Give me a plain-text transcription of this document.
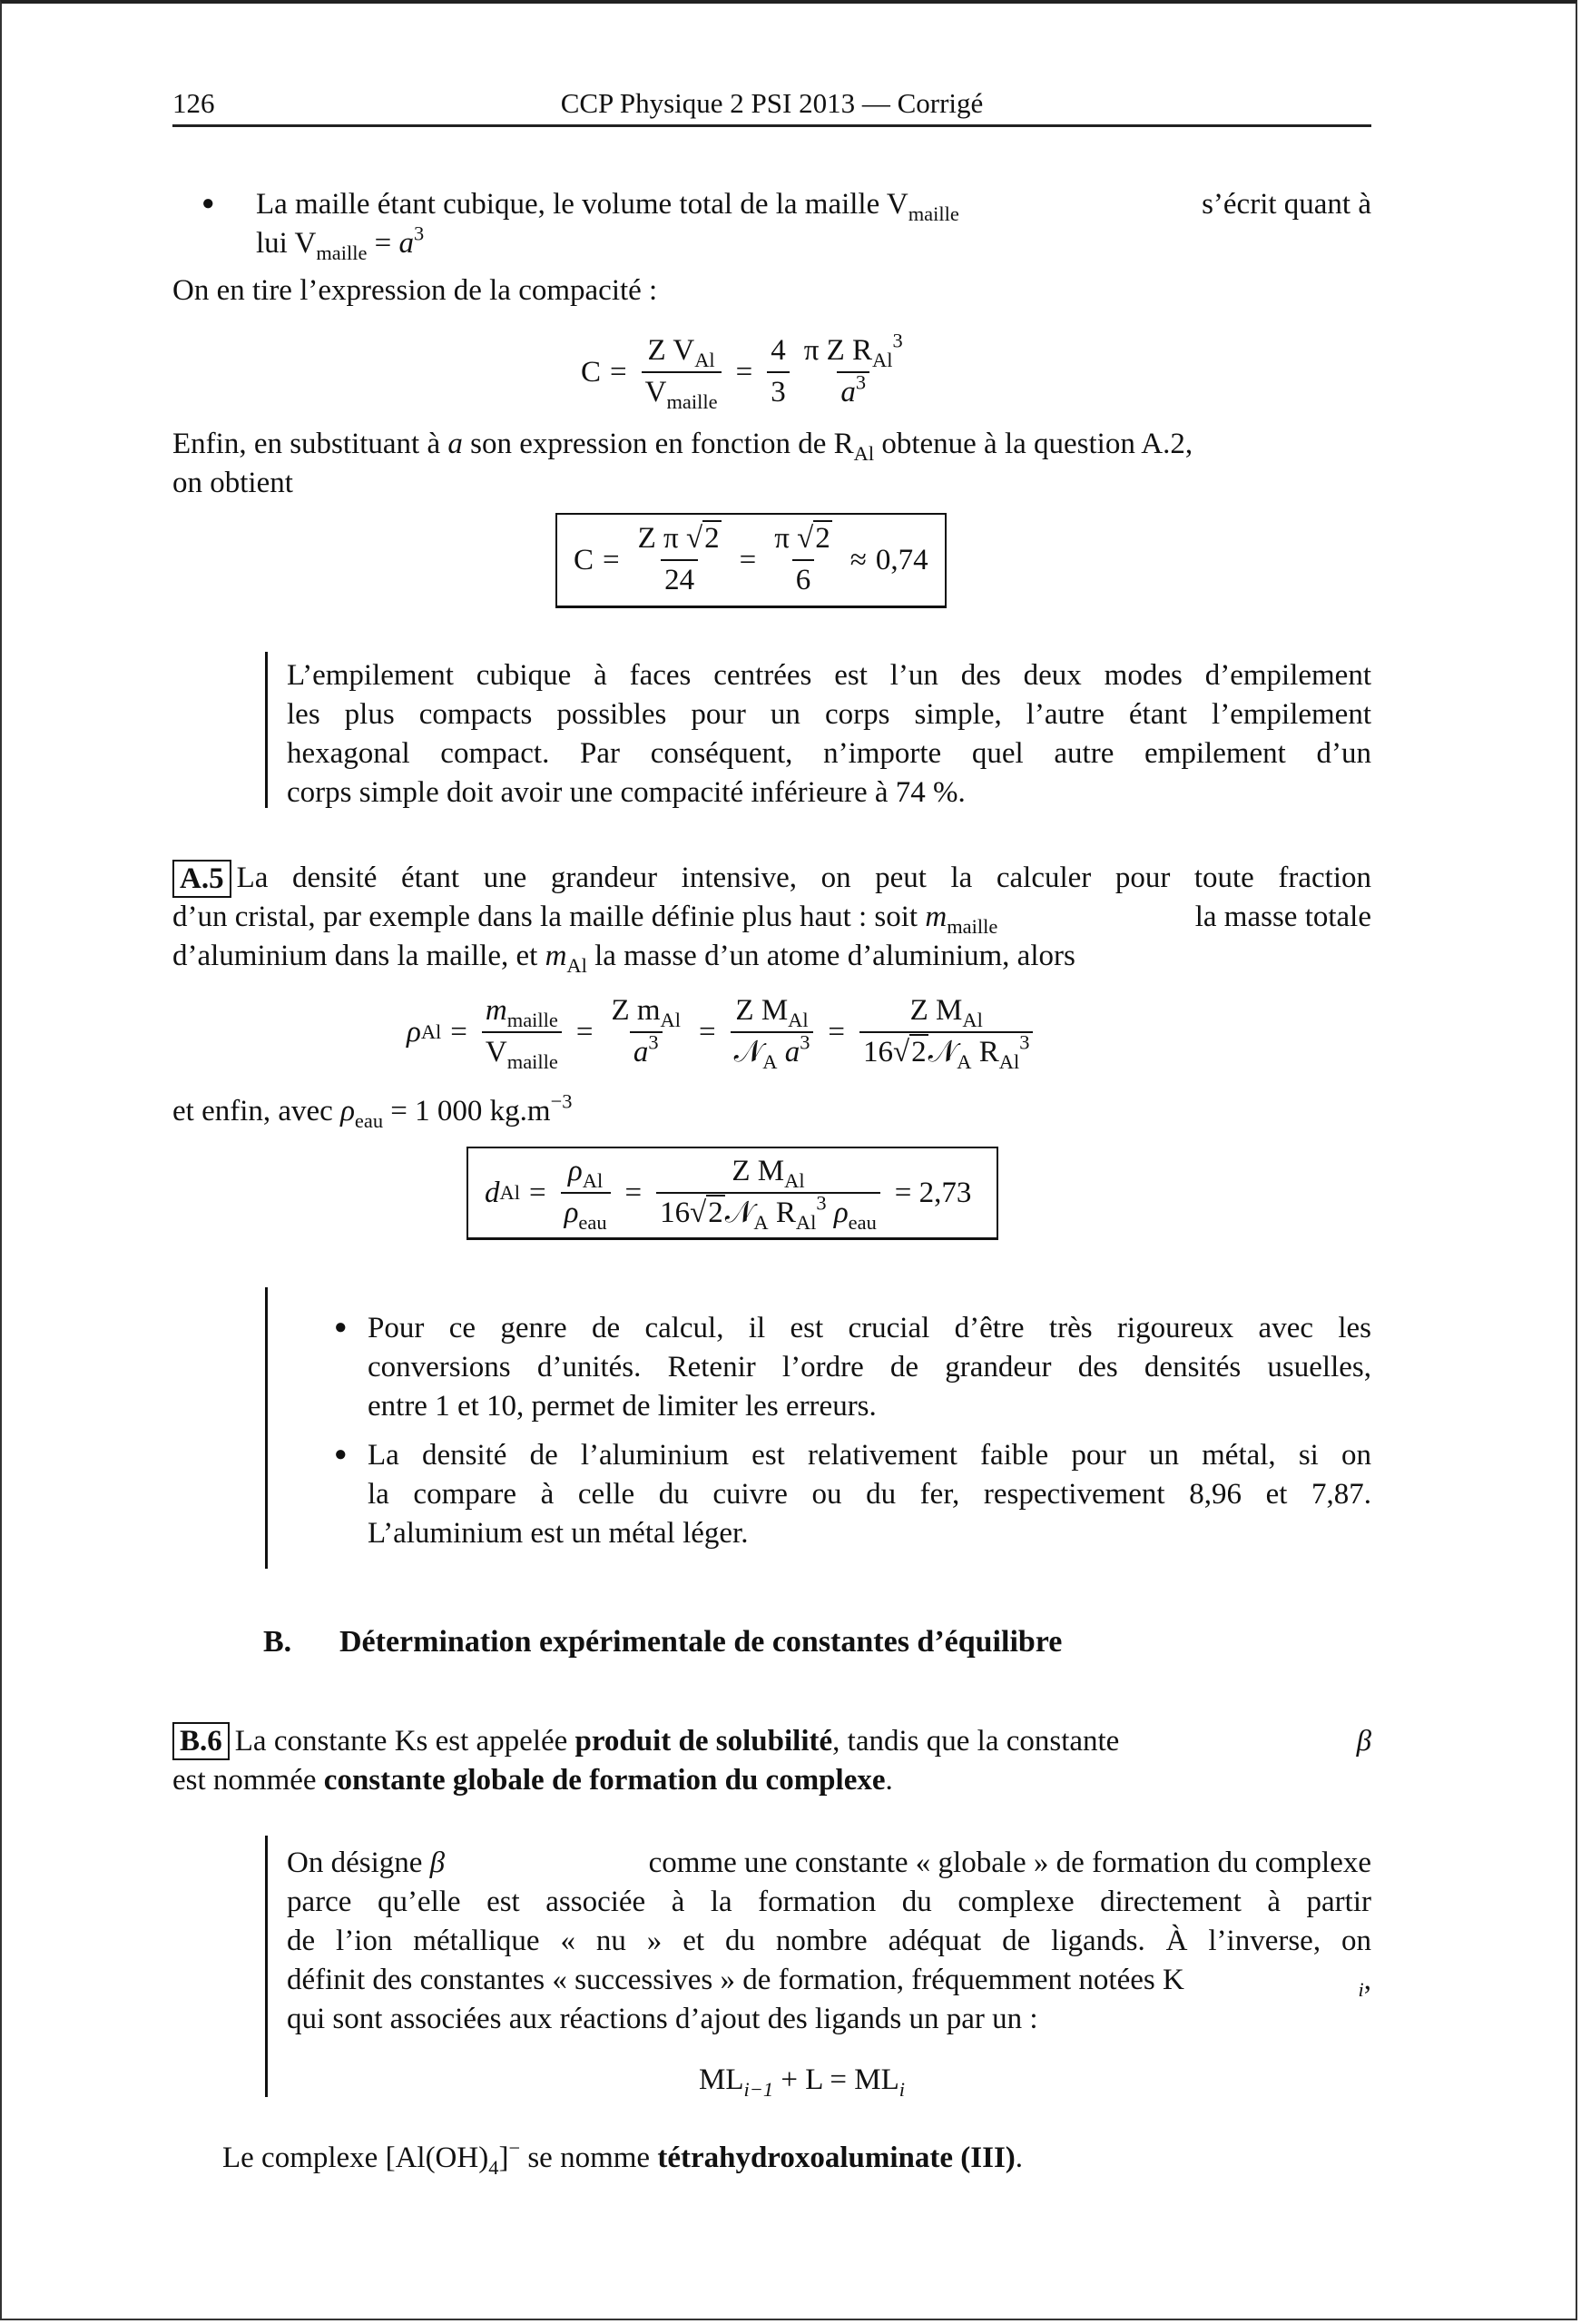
126	CCP Physique 2 PSI 2013 — Corrigé
● La maille étant cubique, le volume total de la maille $V_{maille}$	s’écrit quant à
lui $V_{maille} = a^3$
On en tire l’expression de la compacité :
$C = \frac{Z V_{Al}}{V_{maille}} = \frac{4}{3} \frac{\pi Z R_{Al}^3}{a^3}$
Enfin, en substituant à a son expression en fonction de $R_{Al}$ obtenue à la question A.2,
on obtient
$C = \frac{\text{Z π √2}}{24} = \frac{\pi √2}{6} \approx 0,74$
L’empilement cubique à faces centrées est l’un des deux modes d’empilement
les plus compacts possibles pour un corps simple, l’autre étant l’empilement
hexagonal compact. Par conséquent, n’importe quel autre empilement d’un
corps simple doit avoir une compacité inférieure à 74 %.
A.5 La densité étant une grandeur intensive, on peut la calculer pour toute fraction
d’un cristal, par exemple dans la maille définie plus haut : soit $m_{maille}$	la masse totale
d’aluminium dans la maille, et $m_{Al}$ la masse d’un atome d’aluminium, alors
ρ $Al = \frac{m_{maille}}{V_{maille}} = \frac{Z m_{Al}}{a^3} = \frac{Z M_{Al}}{𝒩_A a^3} = \frac{Z M_{Al}}{16√2𝒩_A R_{Al}^3}$
et enfin, avec $\rho_{eau} = 1$ 000 $kg.m^{-3}$
d $Al = \frac{\rho_{Al}}{\rho_{eau}} = \frac{Z M_{Al}}{16√2𝒩_A R_{Al}^3 \rho_{eau}} = 2,73$
● Pour ce genre de calcul, il est crucial d’être très rigoureux avec les
conversions d’unités. Retenir l’ordre de grandeur des densités usuelles,
entre 1 et 10, permet de limiter les erreurs.
● La densité de l’aluminium est relativement faible pour un métal, si on
la compare à celle du cuivre ou du fer, respectivement 8,96 et 7,87.
L’aluminium est un métal léger.
B. Détermination expérimentale de constantes d’équilibre
B.6 La constante Ks est appelée produit de solubilité, tandis que la constante	β
est nommée constante globale de formation du complexe.
On désigne β	comme une constante « globale » de formation du complexe
parce qu’elle est associée à la formation du complexe directement à partir
de l’ion métallique « nu » et du nombre adéquat de ligands. À l’inverse, on
définit des constantes « successives » de formation, fréquemment notées K	$_i$,
qui sont associées aux réactions d’ajout des ligands un par un :
$ML_{i-1} + L = ML_i$
Le complexe $[Al(OH)_4]^-$ se nomme tétrahydroxoaluminate (III).
